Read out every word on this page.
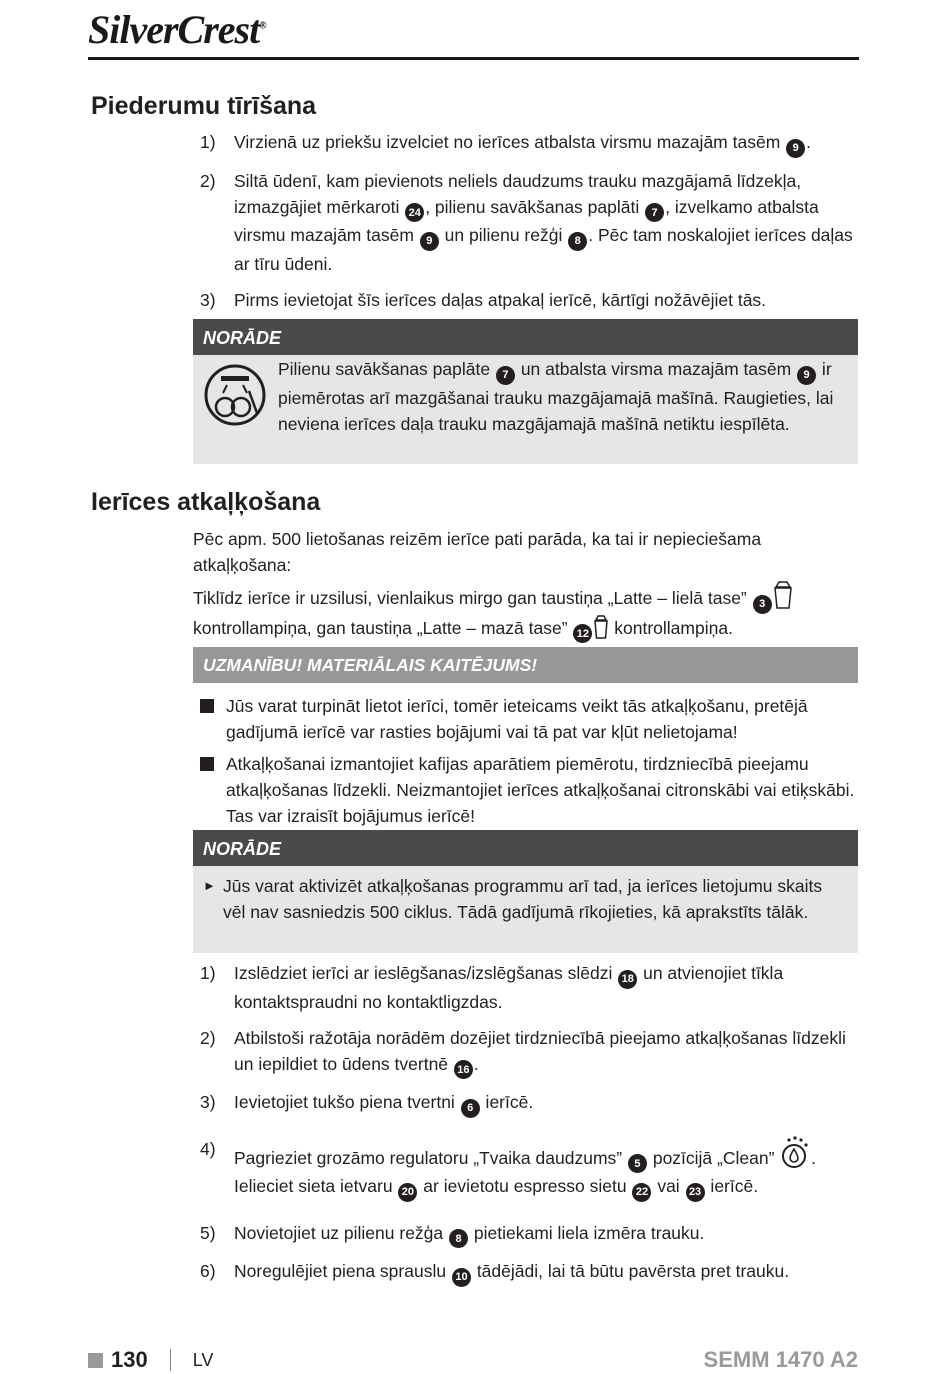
SilverCrest®
Piederumu tīrīšana
1)	Virzienā uz priekšu izvelciet no ierīces atbalsta virsmu mazajām tasēm 9 .
2)	Siltā ūdenī, kam pievienots neliels daudzums trauku mazgājamā līdzekļa, izmazgājiet mērkaroti 24 , pilienu savākšanas paplāti 7 , izvelkamo atbalsta virsmu mazajām tasēm 9 un pilienu režģi 8 . Pēc tam noskalojiet ierīces daļas ar tīru ūdeni.
3)	Pirms ievietojat šīs ierīces daļas atpakaļ ierīcē, kārtīgi nožāvējiet tās.
NORĀDE
Pilienu savākšanas paplāte 7 un atbalsta virsma mazajām tasēm 9 ir piemērotas arī mazgāšanai trauku mazgājamajā mašīnā. Raugieties, lai neviena ierīces daļa trauku mazgājamajā mašīnā netiktu iespīlēta.
Ierīces atkaļķošana
Pēc apm. 500 lietošanas reizēm ierīce pati parāda, ka tai ir nepieciešama atkaļķošana:
Tiklīdz ierīce ir uzsilusi, vienlaikus mirgo gan taustiņa „Latte – lielā tase” 3 kontrollampiņa, gan taustiņa „Latte – mazā tase” 12 kontrollampiņa.
UZMANĪBU! MATERIĀLAIS KAITĒJUMS!
Jūs varat turpināt lietot ierīci, tomēr ieteicams veikt tās atkaļķošanu, pretējā gadījumā ierīcē var rasties bojājumi vai tā pat var kļūt nelietojama!
Atkaļķošanai izmantojiet kafijas aparātiem piemērotu, tirdzniecībā pieejamu atkaļķošanas līdzekli. Neizmantojiet ierīces atkaļķošanai citronskābi vai etiķskābi. Tas var izraisīt bojājumus ierīcē!
NORĀDE
► Jūs varat aktivizēt atkaļķošanas programmu arī tad, ja ierīces lietojumu skaits vēl nav sasniedzis 500 ciklus. Tādā gadījumā rīkojieties, kā aprakstīts tālāk.
1)	Izslēdziet ierīci ar ieslēgšanas/izslēgšanas slēdzi 18 un atvienojiet tīkla kontaktspraudni no kontaktligzdas.
2)	Atbilstoši ražotāja norādēm dozējiet tirdzniecībā pieejamo atkaļķošanas līdzekli un iepildiet to ūdens tvertnē 16 .
3)	Ievietojiet tukšo piena tvertni 6 ierīcē.
4)	Pagrieziet grozāmo regulatoru „Tvaika daudzums” 5 pozīcijā „Clean” . Ielieciet sieta ietvaru 20 ar ievietotu espresso sietu 22 vai 23 ierīcē.
5)	Novietojiet uz pilienu režģa 8 pietiekami liela izmēra trauku.
6)	Noregulējiet piena sprauslu 10 tādējādi, lai tā būtu pavērsta pret trauku.
130	LV	SEMM 1470 A2
